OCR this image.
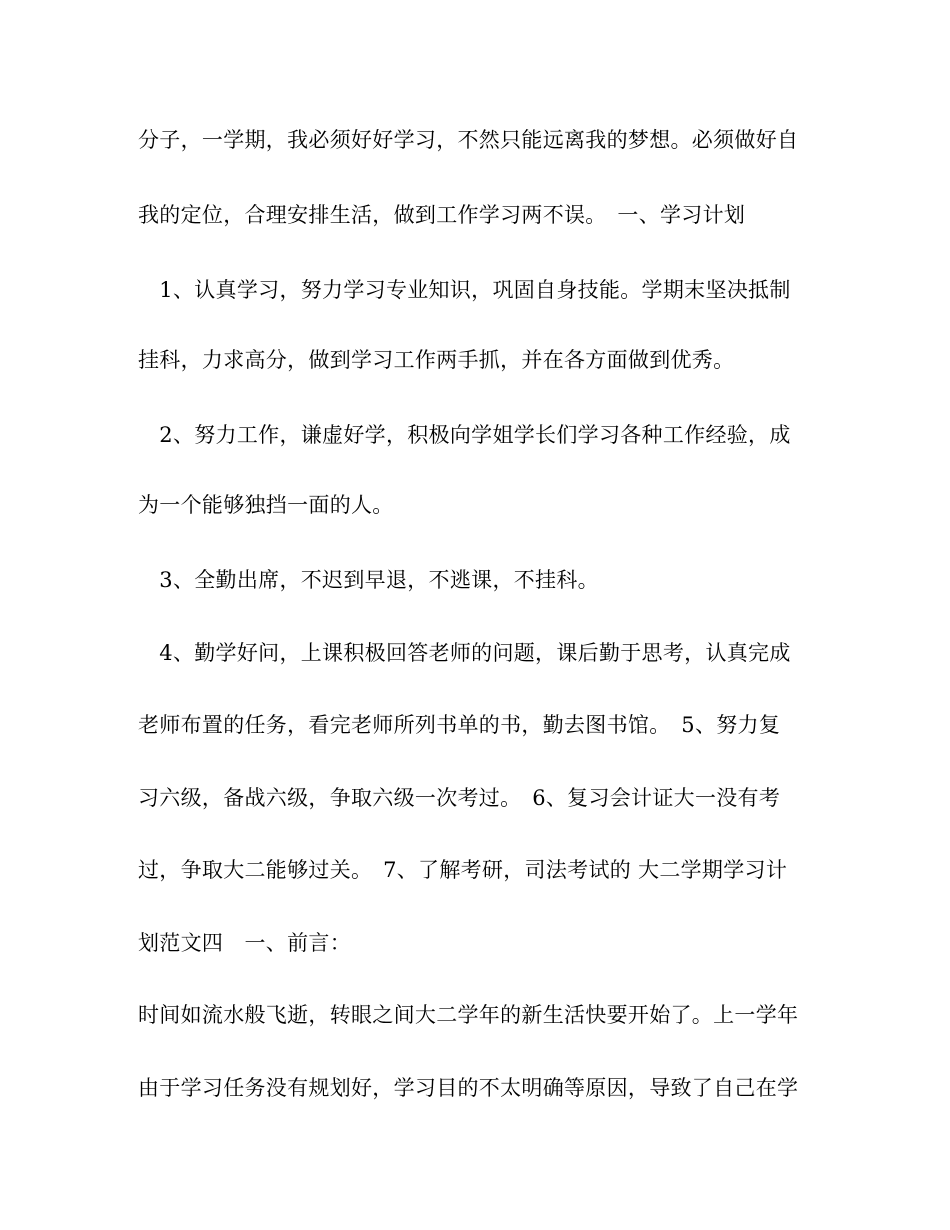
分子，一学期，我必须好好学习，不然只能远离我的梦想。必须做好自
我的定位，合理安排生活，做到工作学习两不误。　一、学习计划
　1、认真学习，努力学习专业知识，巩固自身技能。学期末坚决抵制
挂科，力求高分，做到学习工作两手抓，并在各方面做到优秀。
　2、努力工作，谦虚好学，积极向学姐学长们学习各种工作经验，成
为一个能够独挡一面的人。
　3、全勤出席，不迟到早退，不逃课，不挂科。
　4、勤学好问，上课积极回答老师的问题，课后勤于思考，认真完成
老师布置的任务，看完老师所列书单的书，勤去图书馆。　5、努力复
习六级，备战六级，争取六级一次考过。　6、复习会计证大一没有考
过，争取大二能够过关。　7、了解考研，司法考试的 大二学期学习计
划范文四　一、前言：
时间如流水般飞逝，转眼之间大二学年的新生活快要开始了。上一学年
由于学习任务没有规划好，学习目的不太明确等原因，导致了自己在学
